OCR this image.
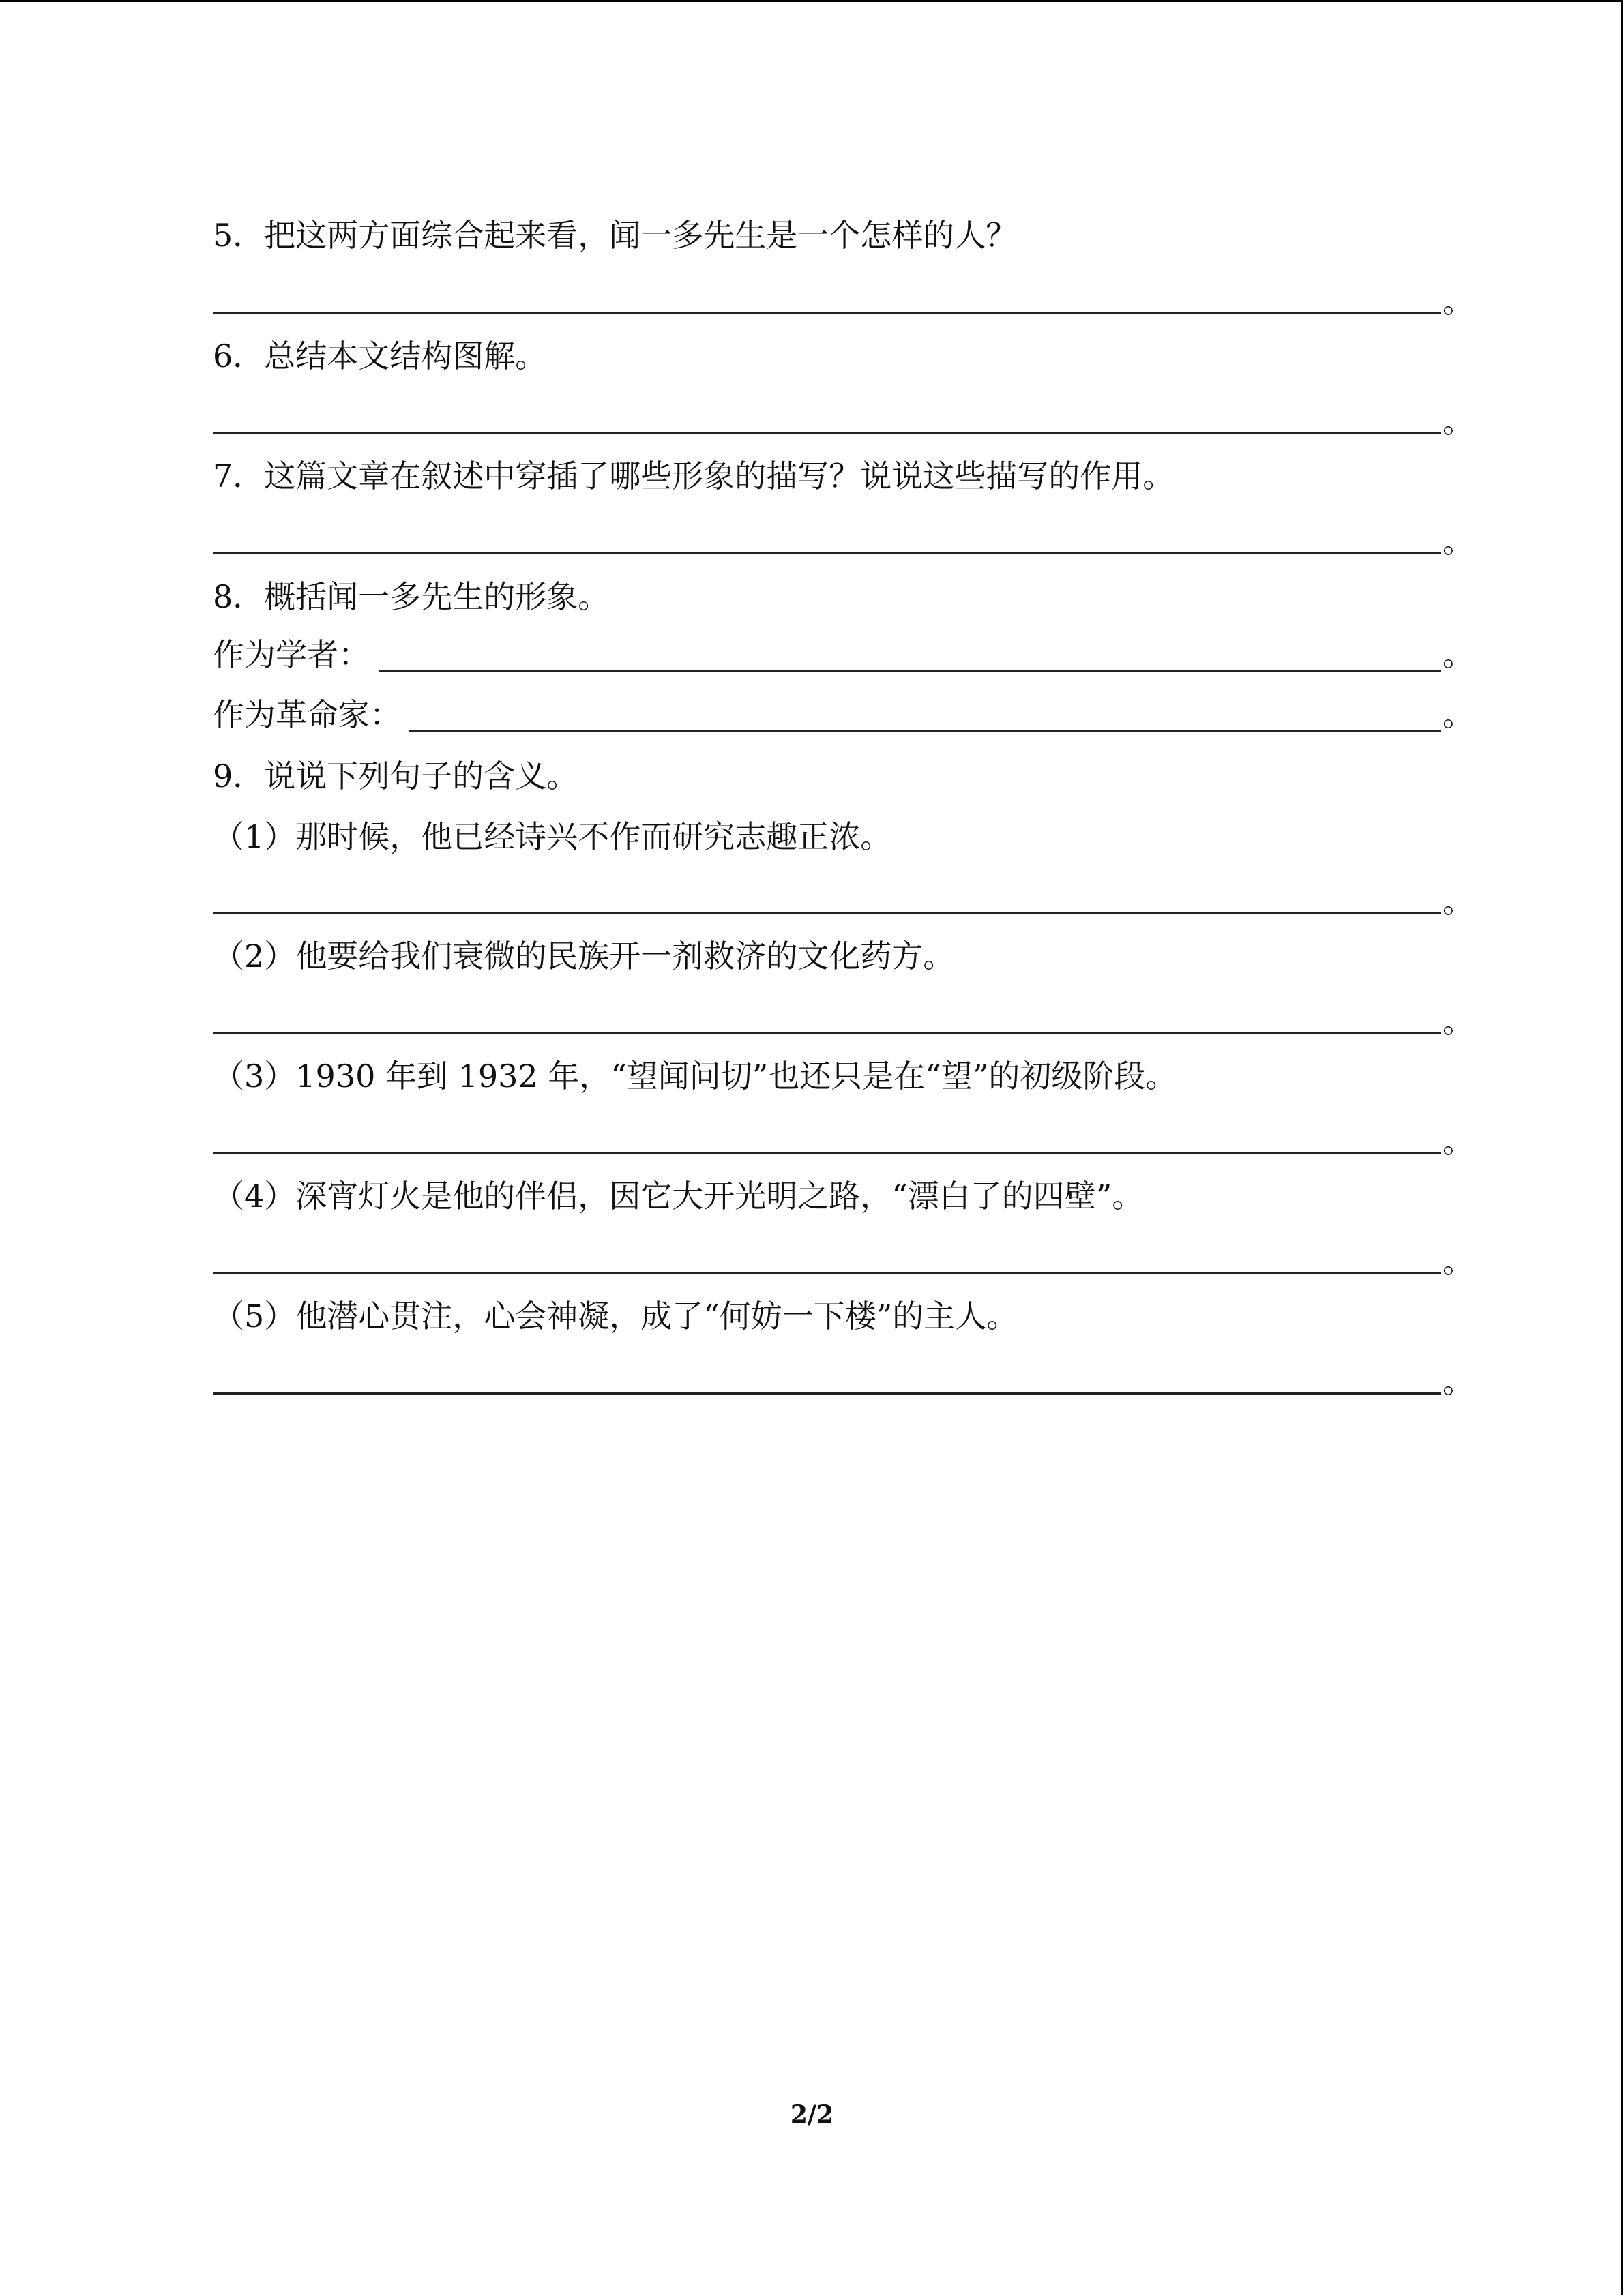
5．把这两方面综合起来看，闻一多先生是一个怎样的人？
。
6．总结本文结构图解。
。
7．这篇文章在叙述中穿插了哪些形象的描写？说说这些描写的作用。
。
8．概括闻一多先生的形象。
作为学者：	。
作为革命家：	。
9．说说下列句子的含义。
（1）那时候，他已经诗兴不作而研究志趣正浓。
。
（2）他要给我们衰微的民族开一剂救济的文化药方。
。
（3）1930 年到 1932 年，“望闻问切”也还只是在“望”的初级阶段。
。
（4）深宵灯火是他的伴侣，因它大开光明之路，“漂白了的四壁”。
。
（5）他潜心贯注，心会神凝，成了“何妨一下楼”的主人。
。
2/2
